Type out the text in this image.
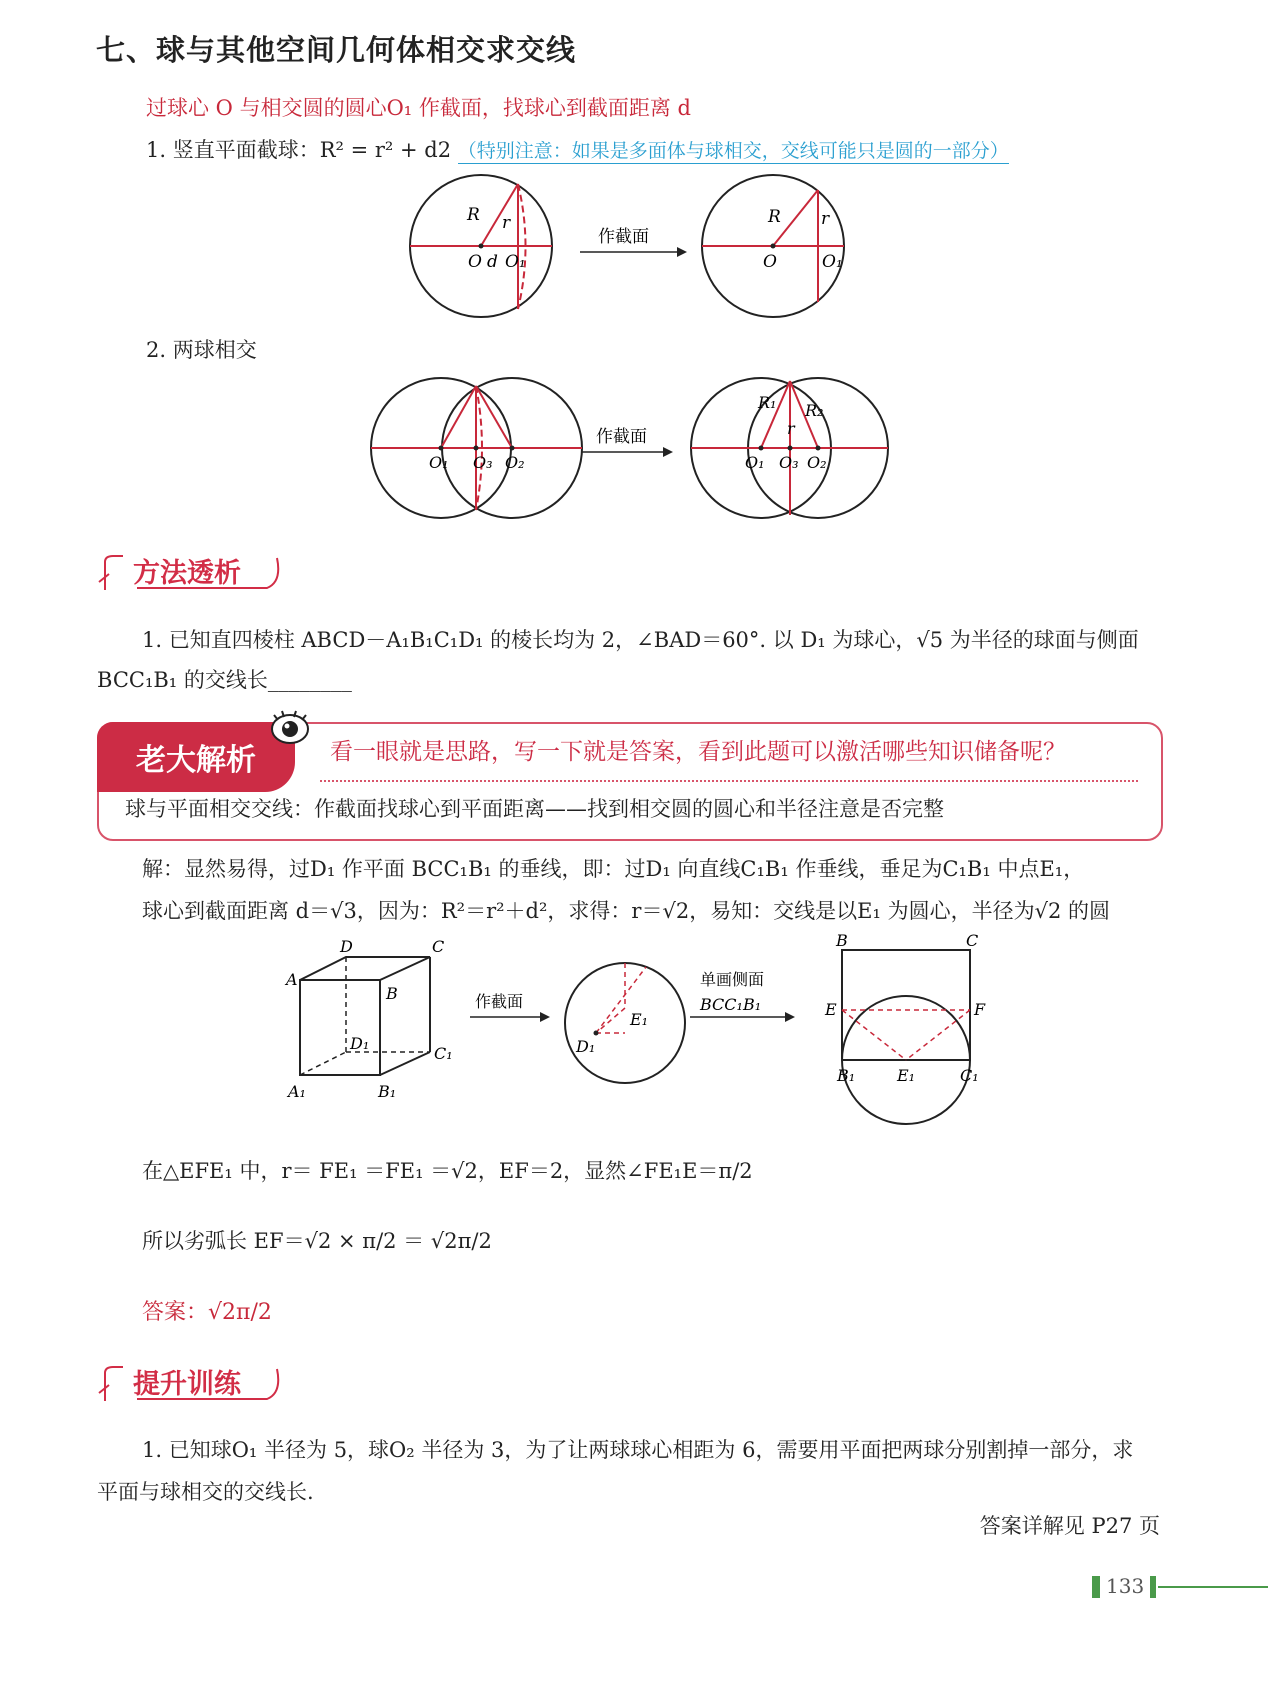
七、球与其他空间几何体相交求交线
过球心 O 与相交圆的圆心O₁ 作截面，找球心到截面距离 d
1. 竖直平面截球：R² = r² + d2 （特别注意：如果是多面体与球相交，交线可能只是圆的一部分）
R r
O d O₁
作截面
R r
O	O₁
2. 两球相交
O₁ O₃ O₂
作截面
R₁ R₂
r
O₁ O₃ O₂
方法透析
1. 已知直四棱柱 ABCD－A₁B₁C₁D₁ 的棱长均为 2，∠BAD＝60°. 以 D₁ 为球心，√5 为半径的球面与侧面
BCC₁B₁ 的交线长________
老大解析	看一眼就是思路，写一下就是答案，看到此题可以激活哪些知识储备呢？
球与平面相交交线：作截面找球心到平面距离——找到相交圆的圆心和半径注意是否完整
解：显然易得，过D₁ 作平面 BCC₁B₁ 的垂线，即：过D₁ 向直线C₁B₁ 作垂线，垂足为C₁B₁ 中点E₁，
球心到截面距离 d＝√3，因为：R²＝r²＋d²，求得：r＝√2，易知：交线是以E₁ 为圆心，半径为√2 的圆
D	C
A
B
D₁
C₁
A₁	B₁
作截面
D₁
E₁
单画侧面
BCC₁B₁
B	C
E	F
B₁	E₁	C₁
在△EFE₁ 中，r＝ FE₁ ＝FE₁ ＝√2，EF＝2，显然∠FE₁E＝π/2
所以劣弧长 EF＝√2 × π/2 ＝ √2π/2
答案：√2π/2
提升训练
1. 已知球O₁ 半径为 5，球O₂ 半径为 3，为了让两球球心相距为 6，需要用平面把两球分别割掉一部分，求
平面与球相交的交线长.
答案详解见 P27 页
133
